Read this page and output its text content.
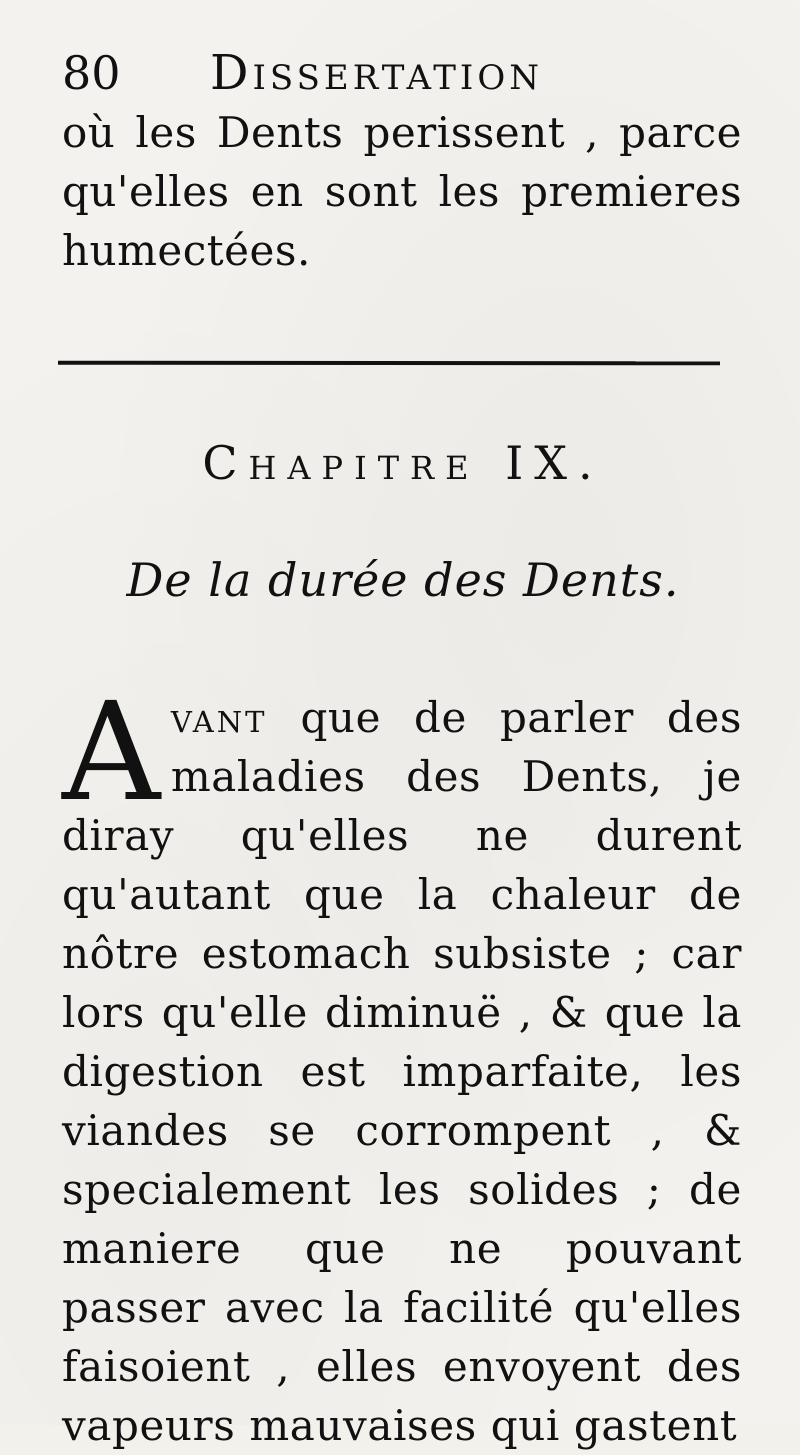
80 Dissertation

où les Dents perissent , parce qu'elles en sont les premieres humectées.

Chapitre IX.
De la durée des Dents.

Avant que de parler des maladies des Dents, je diray qu'elles ne durent qu'autant que la chaleur de nôtre estomach subsiste ; car lors qu'elle diminuë , & que la digestion est imparfaite, les viandes se corrompent , & specialement les solides ; de maniere que ne pouvant passer avec la facilité qu'elles faisoient , elles envoyent des vapeurs mauvaises qui gastent
